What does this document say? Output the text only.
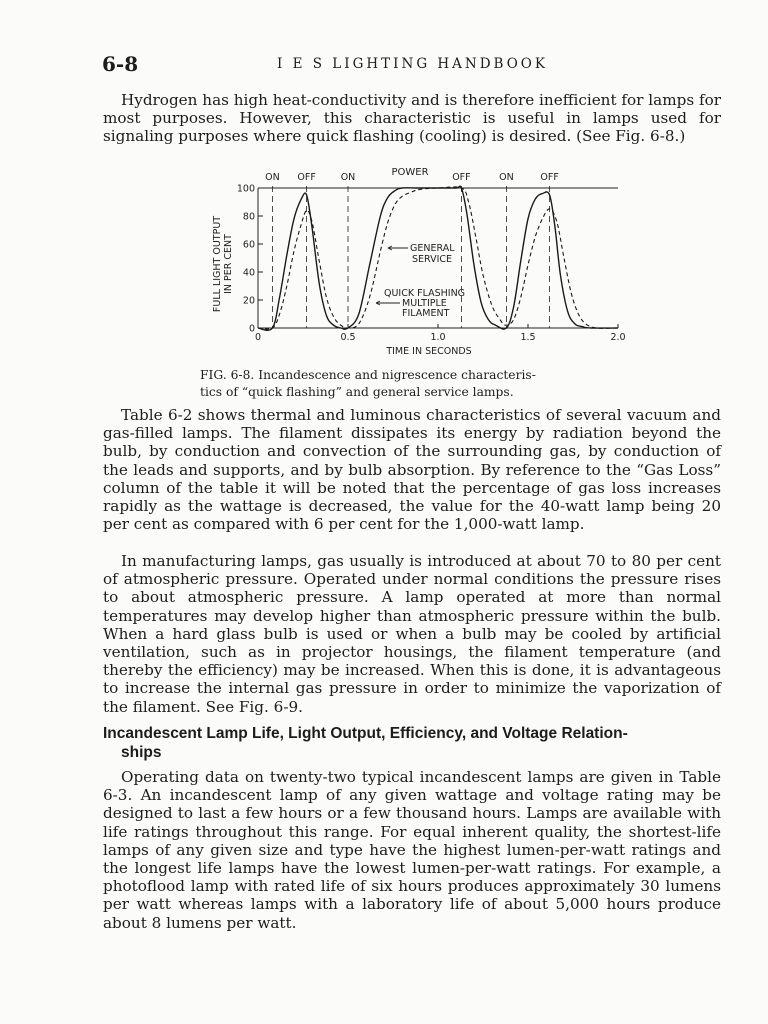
6-8	I E S LIGHTING HANDBOOK

Hydrogen has high heat-conductivity and is therefore inefficient for lamps for most purposes. However, this characteristic is useful in lamps used for signaling purposes where quick flashing (cooling) is desired. (See Fig. 6-8.)

0
20
40
60
80
100
0	0.5	1.0	1.5	2.0
ON OFF	ON	OFF	ON	OFF
POWER
GENERAL
SERVICE
QUICK FLASHING
MULTIPLE
FILAMENT
FULL LIGHT OUTPUT IN PER CENT
TIME IN SECONDS

FIG. 6-8. Incandescence and nigrescence characteris-
tics of “quick flashing” and general service lamps.

Table 6-2 shows thermal and luminous characteristics of several vacuum and gas-filled lamps. The filament dissipates its energy by radiation beyond the bulb, by conduction and convection of the surrounding gas, by conduction of the leads and supports, and by bulb absorption. By reference to the “Gas Loss” column of the table it will be noted that the percentage of gas loss increases rapidly as the wattage is decreased, the value for the 40-watt lamp being 20 per cent as compared with 6 per cent for the 1,000-watt lamp.

In manufacturing lamps, gas usually is introduced at about 70 to 80 per cent of atmospheric pressure. Operated under normal conditions the pressure rises to about atmospheric pressure. A lamp operated at more than normal temperatures may develop higher than atmospheric pressure within the bulb. When a hard glass bulb is used or when a bulb may be cooled by artificial ventilation, such as in projector housings, the filament temperature (and thereby the efficiency) may be increased. When this is done, it is advantageous to increase the internal gas pressure in order to minimize the vaporization of the filament. See Fig. 6-9.

Incandescent Lamp Life, Light Output, Efficiency, and Voltage Relation-
ships

Operating data on twenty-two typical incandescent lamps are given in Table 6-3. An incandescent lamp of any given wattage and voltage rating may be designed to last a few hours or a few thousand hours. Lamps are available with life ratings throughout this range. For equal inherent quality, the shortest-life lamps of any given size and type have the highest lumen-per-watt ratings and the longest life lamps have the lowest lumen-per-watt ratings. For example, a photoflood lamp with rated life of six hours produces approximately 30 lumens per watt whereas lamps with a laboratory life of about 5,000 hours produce about 8 lumens per watt.
